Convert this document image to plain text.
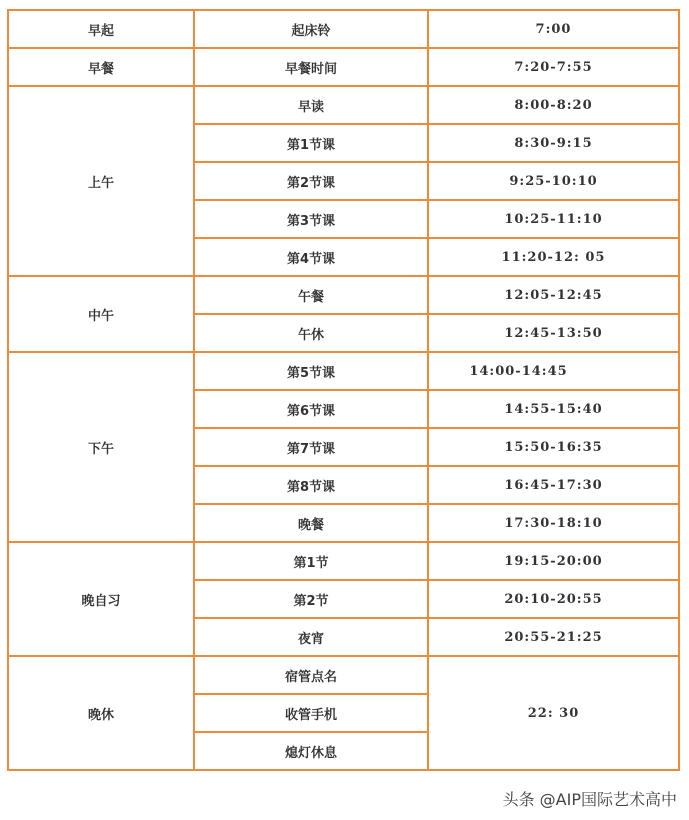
早起	起床铃	7:00
早餐	早餐时间	7:20-7:55
上午	早读	8:00-8:20
	第1节课	8:30-9:15
	第2节课	9:25-10:10
	第3节课	10:25-11:10
	第4节课	11:20-12: 05
中午	午餐	12:05-12:45
	午休	12:45-13:50
下午	第5节课	14:00-14:45
	第6节课	14:55-15:40
	第7节课	15:50-16:35
	第8节课	16:45-17:30
	晚餐	17:30-18:10
晚自习	第1节	19:15-20:00
	第2节	20:10-20:55
	夜宵	20:55-21:25
晚休	宿管点名	22: 30
	收管手机	
	熄灯休息	
头条 @AIP国际艺术高中
